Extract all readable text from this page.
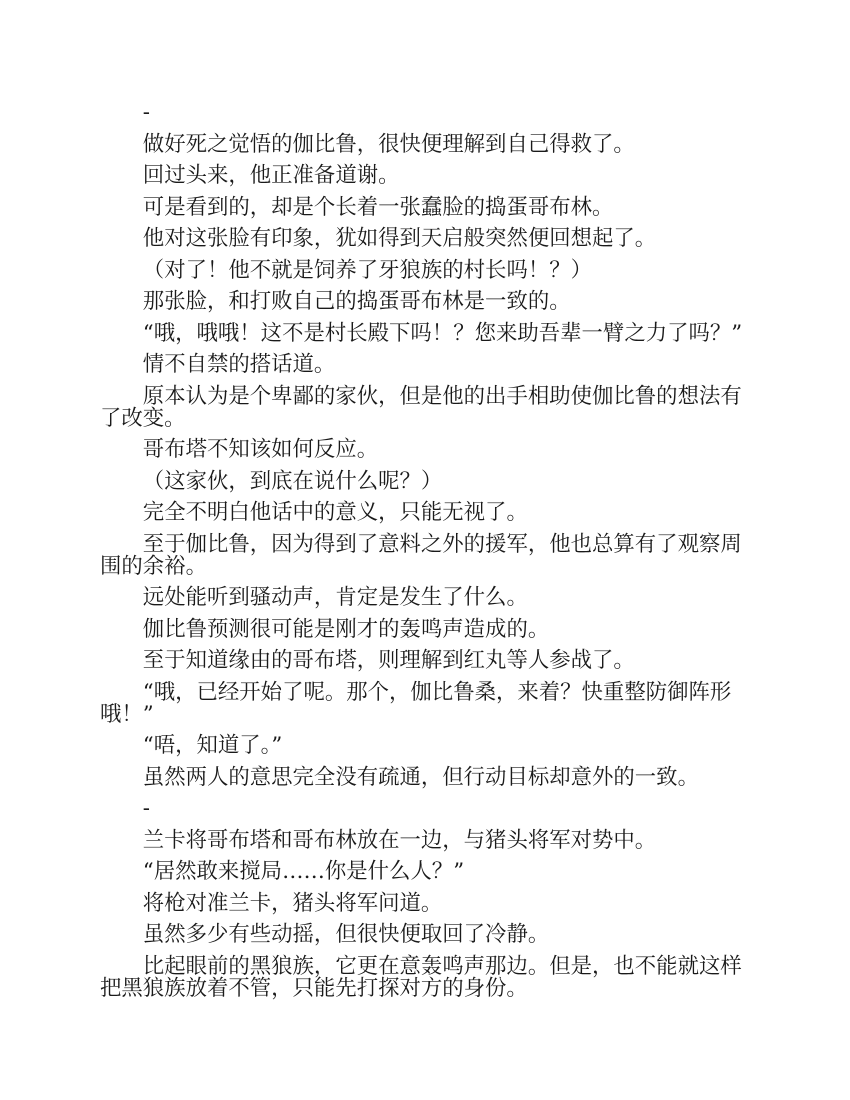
-

做好死之觉悟的伽比鲁，很快便理解到自己得救了。

回过头来，他正准备道谢。

可是看到的，却是个长着一张蠢脸的捣蛋哥布林。

他对这张脸有印象，犹如得到天启般突然便回想起了。

（对了！他不就是饲养了牙狼族的村长吗！？）

那张脸，和打败自己的捣蛋哥布林是一致的。

“哦，哦哦！这不是村长殿下吗！？您来助吾辈一臂之力了吗？”

情不自禁的搭话道。

原本认为是个卑鄙的家伙，但是他的出手相助使伽比鲁的想法有了改变。

哥布塔不知该如何反应。

（这家伙，到底在说什么呢？）

完全不明白他话中的意义，只能无视了。

至于伽比鲁，因为得到了意料之外的援军，他也总算有了观察周围的余裕。

远处能听到骚动声，肯定是发生了什么。

伽比鲁预测很可能是刚才的轰鸣声造成的。

至于知道缘由的哥布塔，则理解到红丸等人参战了。

“哦，已经开始了呢。那个，伽比鲁桑，来着？快重整防御阵形哦！”

“唔，知道了。”

虽然两人的意思完全没有疏通，但行动目标却意外的一致。

-

兰卡将哥布塔和哥布林放在一边，与猪头将军对势中。

“居然敢来搅局……你是什么人？”

将枪对准兰卡，猪头将军问道。

虽然多少有些动摇，但很快便取回了冷静。

比起眼前的黑狼族，它更在意轰鸣声那边。但是，也不能就这样把黑狼族放着不管，只能先打探对方的身份。
